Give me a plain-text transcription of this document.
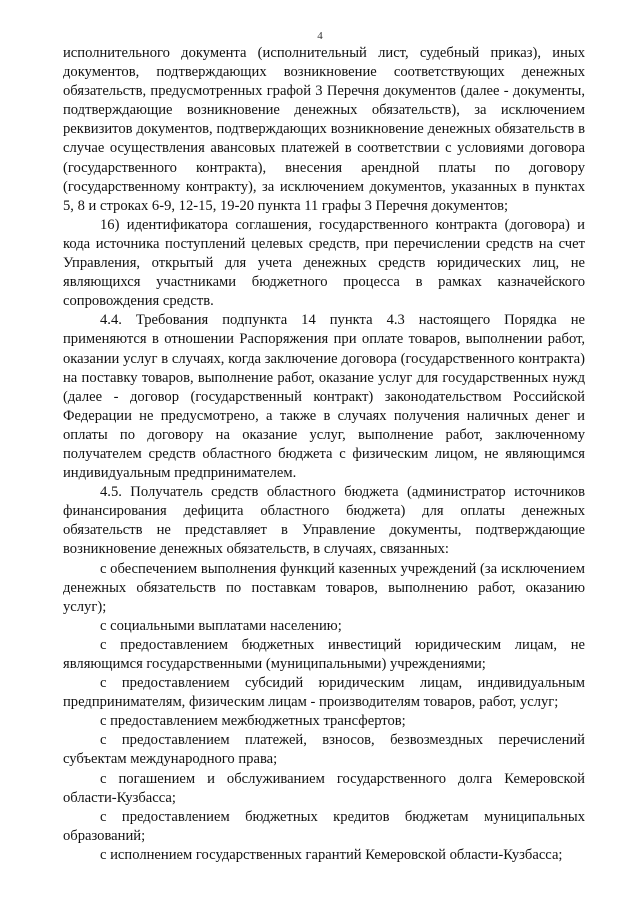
4

исполнительного документа (исполнительный лист, судебный приказ), иных документов, подтверждающих возникновение соответствующих денежных обязательств, предусмотренных графой 3 Перечня документов (далее - документы, подтверждающие возникновение денежных обязательств), за исключением реквизитов документов, подтверждающих возникновение денежных обязательств в случае осуществления авансовых платежей в соответствии с условиями договора (государственного контракта), внесения арендной платы по договору (государственному контракту), за исключением документов, указанных в пунктах 5, 8 и строках 6-9, 12-15, 19-20 пункта 11 графы 3 Перечня документов;

16) идентификатора соглашения, государственного контракта (договора) и кода источника поступлений целевых средств, при перечислении средств на счет Управления, открытый для учета денежных средств юридических лиц, не являющихся участниками бюджетного процесса в рамках казначейского сопровождения средств.

4.4. Требования подпункта 14 пункта 4.3 настоящего Порядка не применяются в отношении Распоряжения при оплате товаров, выполнении работ, оказании услуг в случаях, когда заключение договора (государственного контракта) на поставку товаров, выполнение работ, оказание услуг для государственных нужд (далее - договор (государственный контракт) законодательством Российской Федерации не предусмотрено, а также в случаях получения наличных денег и оплаты по договору на оказание услуг, выполнение работ, заключенному получателем средств областного бюджета с физическим лицом, не являющимся индивидуальным предпринимателем.

4.5. Получатель средств областного бюджета (администратор источников финансирования дефицита областного бюджета) для оплаты денежных обязательств не представляет в Управление документы, подтверждающие возникновение денежных обязательств, в случаях, связанных:

с обеспечением выполнения функций казенных учреждений (за исключением денежных обязательств по поставкам товаров, выполнению работ, оказанию услуг);

с социальными выплатами населению;

с предоставлением бюджетных инвестиций юридическим лицам, не являющимся государственными (муниципальными) учреждениями;

с предоставлением субсидий юридическим лицам, индивидуальным предпринимателям, физическим лицам - производителям товаров, работ, услуг;

с предоставлением межбюджетных трансфертов;

с предоставлением платежей, взносов, безвозмездных перечислений субъектам международного права;

с погашением и обслуживанием государственного долга Кемеровской области-Кузбасса;

с предоставлением бюджетных кредитов бюджетам муниципальных образований;

с исполнением государственных гарантий Кемеровской области-Кузбасса;
